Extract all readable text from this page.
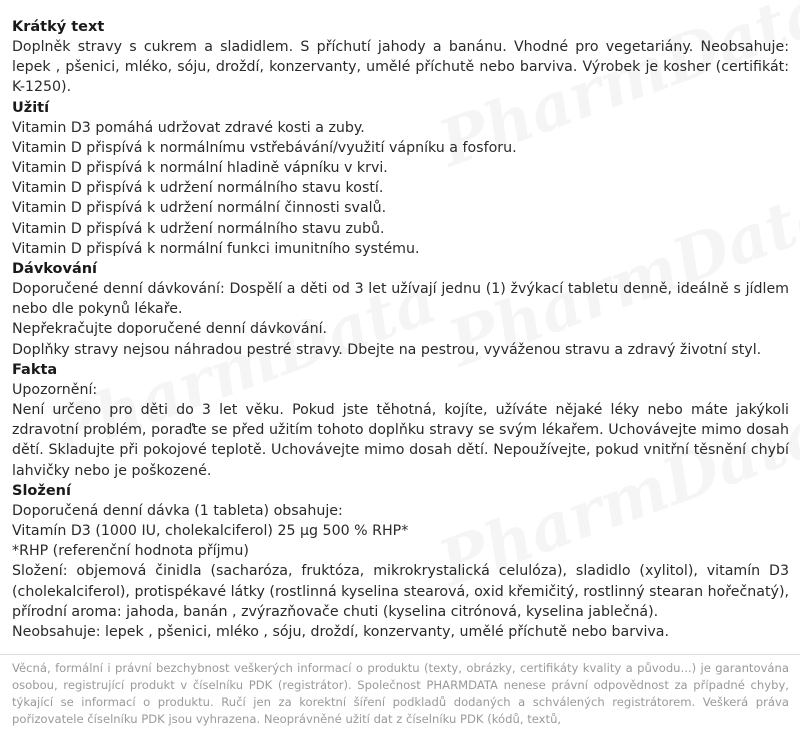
Krátký text

Doplněk stravy s cukrem a sladidlem. S příchutí jahody a banánu. Vhodné pro vegetariány. Neobsahuje: lepek , pšenici, mléko, sóju, droždí, konzervanty, umělé příchutě nebo barviva. Výrobek je kosher (certifikát: K-1250).

Užití

Vitamin D3 pomáhá udržovat zdravé kosti a zuby.

Vitamin D přispívá k normálnímu vstřebávání/využití vápníku a fosforu.

Vitamin D přispívá k normální hladině vápníku v krvi.

Vitamin D přispívá k udržení normálního stavu kostí.

Vitamin D přispívá k udržení normální činnosti svalů.

Vitamin D přispívá k udržení normálního stavu zubů.

Vitamin D přispívá k normální funkci imunitního systému.

Dávkování

Doporučené denní dávkování: Dospělí a děti od 3 let užívají jednu (1) žvýkací tabletu denně, ideálně s jídlem nebo dle pokynů lékaře.

Nepřekračujte doporučené denní dávkování.

Doplňky stravy nejsou náhradou pestré stravy. Dbejte na pestrou, vyváženou stravu a zdravý životní styl.

Fakta

Upozornění:

Není určeno pro děti do 3 let věku. Pokud jste těhotná, kojíte, užíváte nějaké léky nebo máte jakýkoli zdravotní problém, poraďte se před užitím tohoto doplňku stravy se svým lékařem. Uchovávejte mimo dosah dětí. Skladujte při pokojové teplotě. Uchovávejte mimo dosah dětí. Nepoužívejte, pokud vnitřní těsnění chybí lahvičky nebo je poškozené.

Složení

Doporučená denní dávka (1 tableta) obsahuje:

Vitamín D3 (1000 IU, cholekalciferol) 25 µg 500 % RHP*

*RHP (referenční hodnota příjmu)

Složení: objemová činidla (sacharóza, fruktóza, mikrokrystalická celulóza), sladidlo (xylitol), vitamín D3 (cholekalciferol), protispékavé látky (rostlinná kyselina stearová, oxid křemičitý, rostlinný stearan hořečnatý), přírodní aroma: jahoda, banán , zvýrazňovače chuti (kyselina citrónová, kyselina jablečná).

Neobsahuje: lepek , pšenici, mléko , sóju, droždí, konzervanty, umělé příchutě nebo barviva.

Věcná, formální i právní bezchybnost veškerých informací o produktu (texty, obrázky, certifikáty kvality a původu...) je garantována osobou, registrující produkt v číselníku PDK (registrátor). Společnost PHARMDATA nenese právní odpovědnost za případné chyby, týkající se informací o produktu. Ručí jen za korektní šíření podkladů dodaných a schválených registrátorem. Veškerá práva pořizovatele číselníku PDK jsou vyhrazena. Neoprávněné užití dat z číselníku PDK (kódů, textů,
